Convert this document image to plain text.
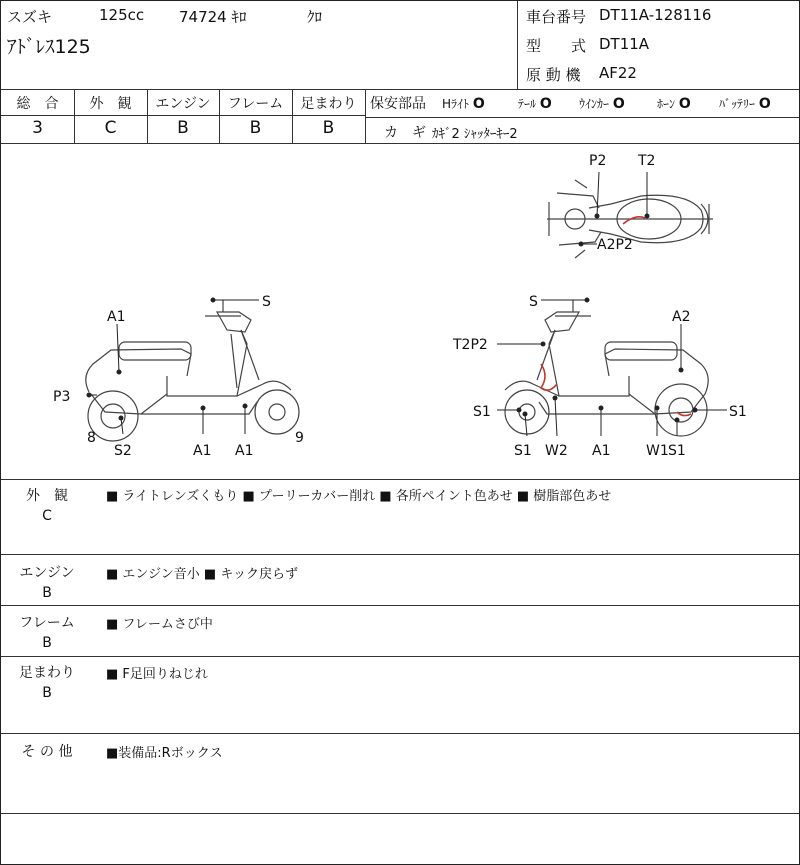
スズキ	125cc 74724 ｷﾛ	ｸﾛ
ｱﾄﾞﾚｽ125
車台番号 DT11A-128116
型　　式 DT11A
原 動 機 AF22
総　合	外　観	エンジン	フレーム	足まわり
3	C	B	B	B
保安部品 Hﾗｲﾄ O	ﾃｰﾙ O ｳｲﾝｶｰ O	ﾎｰﾝ O ﾊﾞｯﾃﾘｰ O
カ　ギ ｶｷﾞ2 ｼｬｯﾀｰｷｰ2
P2 T2
A2P2
S
A1
P3
8
S2	A1 A1
9
S
A2
T2P2
S1	S1
S1 W2 A1	W1 S1
外　観
C
■ ライトレンズくもり ■ プーリーカバー削れ ■ 各所ペイント色あせ ■ 樹脂部色あせ
エンジン
B
■ エンジン音小 ■ キック戻らず
フレーム
B
■ フレームさび中
足まわり
B
■ F足回りねじれ
そ の 他	■装備品:Rボックス
